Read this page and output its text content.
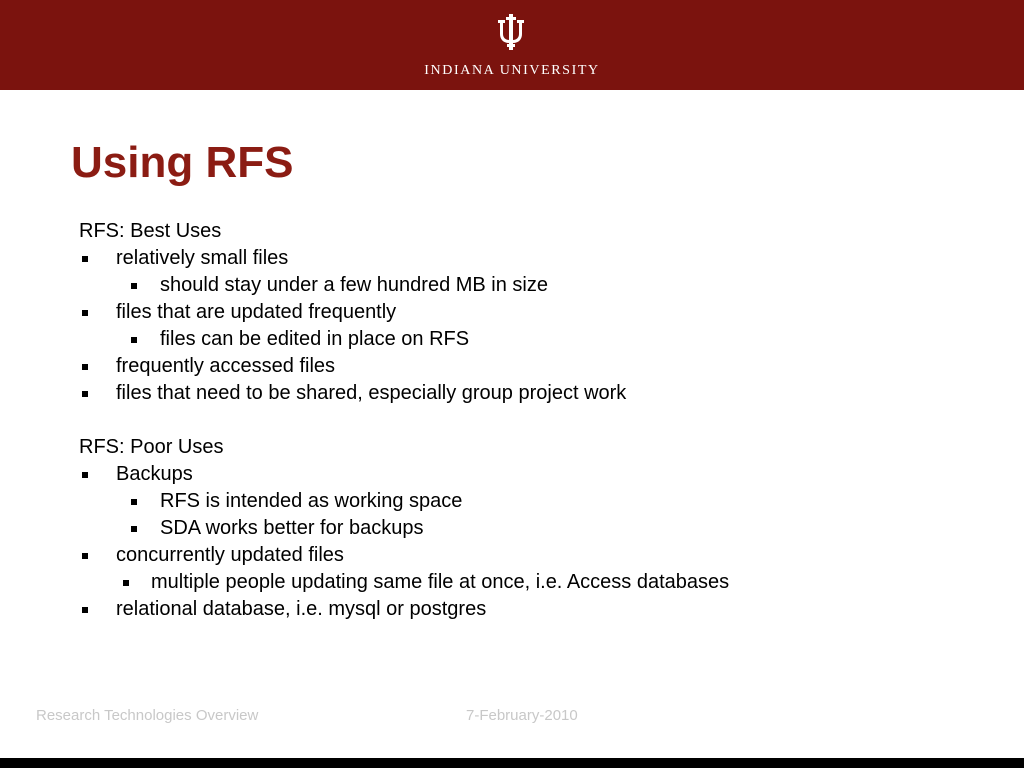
INDIANA UNIVERSITY
Using RFS
RFS: Best Uses
relatively small files
should stay under a few hundred MB in size
files that are updated frequently
files can be edited in place on RFS
frequently accessed files
files that need to be shared, especially group project work
RFS: Poor Uses
Backups
RFS is intended as working space
SDA works better for backups
concurrently updated files
multiple people updating same file at once, i.e. Access databases
relational database, i.e. mysql or postgres
Research Technologies Overview	7-February-2010
